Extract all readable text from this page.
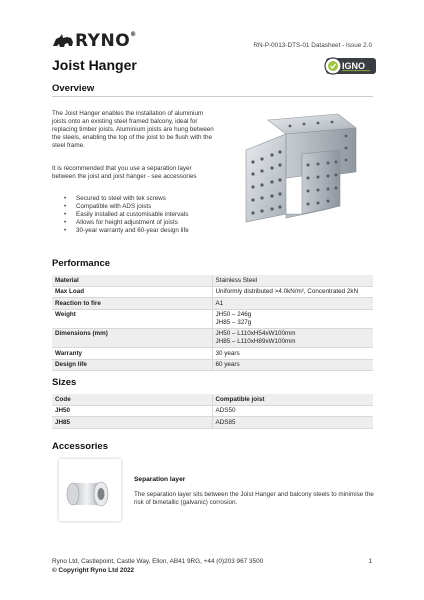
RYNO®
RN-P-0013-DTS-01 Datasheet - Issue 2.0
Joist Hanger	IGNO
Overview

The Joist Hanger enables the installation of aluminium joists onto an existing steel framed balcony, ideal for replacing timber joists. Aluminium joists are hung between the steels, enabling the top of the joist to be flush with the steel frame.

It is recommended that you use a separation layer between the joist and joist hanger - see accessories

• Secured to steel with tek screws
• Compatible with ADS joists
• Easily installed at customisable intervals
• Allows for height adjustment of joists
• 30-year warranty and 60-year design life
Performance
Material	Stainless Steel
Max Load	Uniformly distributed >4.0kN/m², Concentrated 2kN
Reaction to fire	A1
Weight	JH50 – 246g
JH85 – 327g

Dimensions (mm)	JH50 – L110xH54xW100mm
JH85 – L110xH89xW100mm

Warranty	30 years
Design life	60 years
Sizes
Code	Compatible joist
JH50	ADS50
JH85	ADS85
Accessories
Separation layer
The separation layer sits between the Joist Hanger and balcony steels to minimise the risk of bimetallic (galvanic) corrosion.
Ryno Ltd, Castlepoint, Castle Way, Ellon, AB41 9RG, +44 (0)203 967 3500
© Copyright Ryno Ltd 2022
1
